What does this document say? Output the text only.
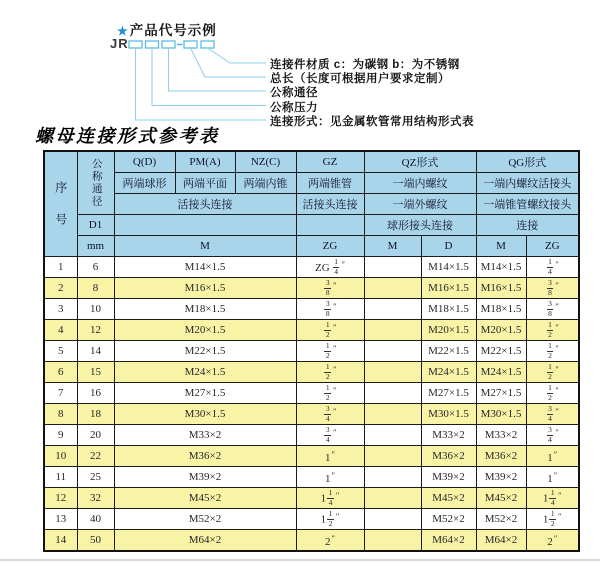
★产品代号示例
JR
连接件材质 c：为碳钢 b：为不锈钢
总长（长度可根据用户要求定制）
公称通径
公称压力
连接形式：见金属软管常用结构形式表
螺母连接形式参考表
序号	公称通径	Q(D)	PM(A)	NZ(C)	GZ	QZ形式		QG形式	
		两端球形	两端平面	两端内锥	两端锥管	一端内螺纹		一端内螺纹活接头	
		活接头连接			活接头连接	一端外螺纹		一端锥管螺纹接头	
	D1					球形接头连接		连接	
	mm	M			ZG	M	D	M	ZG
1	6	M14×1.5			ZG $\frac{1}{4} ''$		M14×1.5	M14×1.5	$\frac{1}{4} ''$
2	8	M16×1.5			$\frac{3}{8} ''$		M16×1.5	M16×1.5	$\frac{3}{8} ''$
3	10	M18×1.5			$\frac{3}{8} ''$		M18×1.5	M18×1.5	$\frac{3}{8} ''$
4	12	M20×1.5			$\frac{1}{2} ''$		M20×1.5	M20×1.5	$\frac{1}{2} ''$
5	14	M22×1.5			$\frac{1}{2} ''$		M22×1.5	M22×1.5	$\frac{1}{2} ''$
6	15	M24×1.5			$\frac{1}{2} ''$		M24×1.5	M24×1.5	$\frac{1}{2} ''$
7	16	M27×1.5			$\frac{1}{2} ''$		M27×1.5	M27×1.5	$\frac{1}{2} ''$
8	18	M30×1.5			$\frac{3}{4} ''$		M30×1.5	M30×1.5	$\frac{3}{4} ''$
9	20	M33×2			$\frac{3}{4} ''$		M33×2	M33×2	$\frac{3}{4} ''$
10	22	M36×2			1″		M36×2	M36×2	1″
11	25	M39×2			1″		M39×2	M39×2	1″
12	32	M45×2			$1 \frac{1}{4} ''$		M45×2	M45×2	$1 \frac{1}{4} ''$
13	40	M52×2			$1 \frac{1}{2} ''$		M52×2	M52×2	$1 \frac{1}{2} ''$
14	50	M64×2			2″		M64×2	M64×2	2″
